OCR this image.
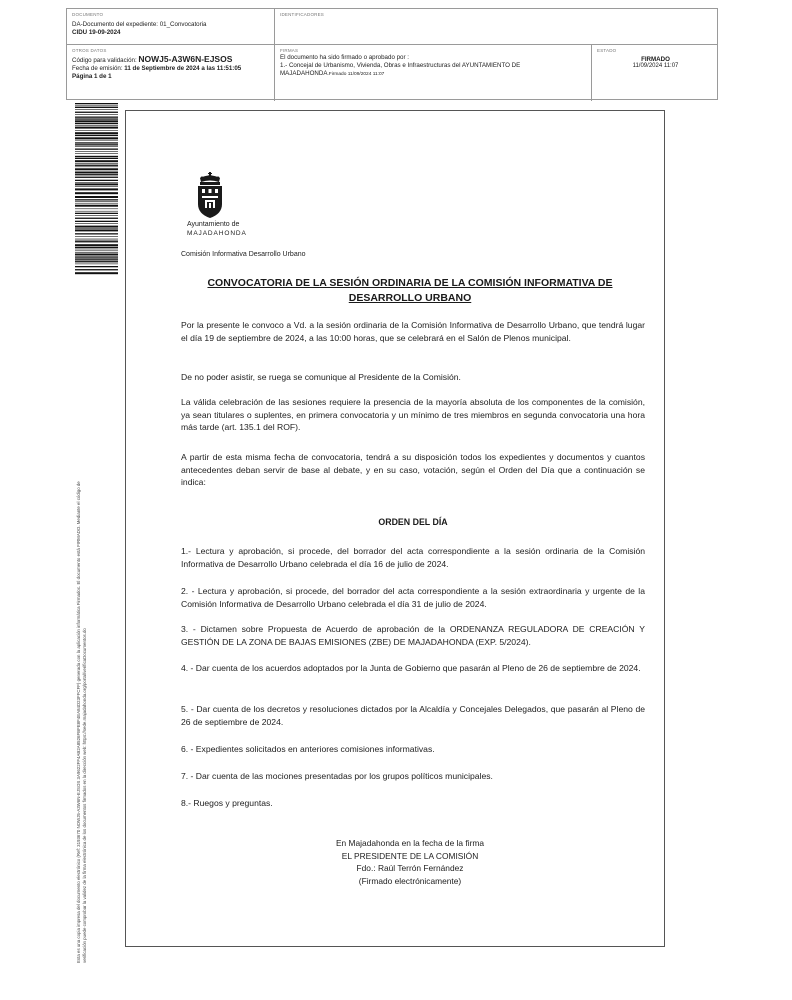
DOCUMENTO
DA-Documento del expediente: 01_Convocatoria
CIDU 19-09-2024
IDENTIFICADORES
OTROS DATOS
Código para validación: NOWJ5-A3W6N-EJSOS
Fecha de emisión: 11 de Septiembre de 2024 a las 11:51:05
Página 1 de 1
FIRMAS
El documento ha sido firmado o aprobado por :
1.- Concejal de Urbanismo, Vivienda, Obras e Infraestructuras del AYUNTAMIENTO DE
MAJADAHONDA.Firmado 11/09/2024 11:07
ESTADO
FIRMADO
11/09/2024 11:07
Esta es una copia impresa del documento electrónico (Ref: 3193670 NOWJ5-A3W6N-EJSOS 3A9622FF4AB2A8526FBFE8F4EA84D23FFCFF) generada con la aplicación informática Firmadoc. El documento está FIRMADO. Mediante el código de verificación puede comprobar la validez de la firma electrónica de los documentos firmados en la dirección web: https://sede.majadahonda.org/portal/verificaDocumentos.do
Ayuntamiento de
MAJADAHONDA
Comisión Informativa Desarrollo Urbano
CONVOCATORIA DE LA SESIÓN ORDINARIA DE LA COMISIÓN INFORMATIVA DE DESARROLLO URBANO
Por la presente le convoco a Vd. a la sesión ordinaria de la Comisión Informativa de Desarrollo Urbano, que tendrá lugar el día 19 de septiembre de 2024, a las 10:00 horas, que se celebrará en el Salón de Plenos municipal.
De no poder asistir, se ruega se comunique al Presidente de la Comisión.
La válida celebración de las sesiones requiere la presencia de la mayoría absoluta de los componentes de la comisión, ya sean titulares o suplentes, en primera convocatoria y un mínimo de tres miembros en segunda convocatoria una hora más tarde (art. 135.1 del ROF).
A partir de esta misma fecha de convocatoria, tendrá a su disposición todos los expedientes y documentos y cuantos antecedentes deban servir de base al debate, y en su caso, votación, según el Orden del Día que a continuación se indica:
ORDEN DEL DÍA
1.- Lectura y aprobación, si procede, del borrador del acta correspondiente a la sesión ordinaria de la Comisión Informativa de Desarrollo Urbano celebrada el día 16 de julio de 2024.
2. - Lectura y aprobación, si procede, del borrador del acta correspondiente a la sesión extraordinaria y urgente de la Comisión Informativa de Desarrollo Urbano celebrada el día 31 de julio de 2024.
3. - Dictamen sobre Propuesta de Acuerdo de aprobación de la ORDENANZA REGULADORA DE CREACIÓN Y GESTIÓN DE LA ZONA DE BAJAS EMISIONES (ZBE) DE MAJADAHONDA (EXP. 5/2024).
4. - Dar cuenta de los acuerdos adoptados por la Junta de Gobierno que pasarán al Pleno de 26 de septiembre de 2024.
5. - Dar cuenta de los decretos y resoluciones dictados por la Alcaldía y Concejales Delegados, que pasarán al Pleno de 26 de septiembre de 2024.
6. - Expedientes solicitados en anteriores comisiones informativas.
7. - Dar cuenta de las mociones presentadas por los grupos políticos municipales.
8.- Ruegos y preguntas.
En Majadahonda en la fecha de la firma
EL PRESIDENTE DE LA COMISIÓN
Fdo.: Raúl Terrón Fernández
(Firmado electrónicamente)
